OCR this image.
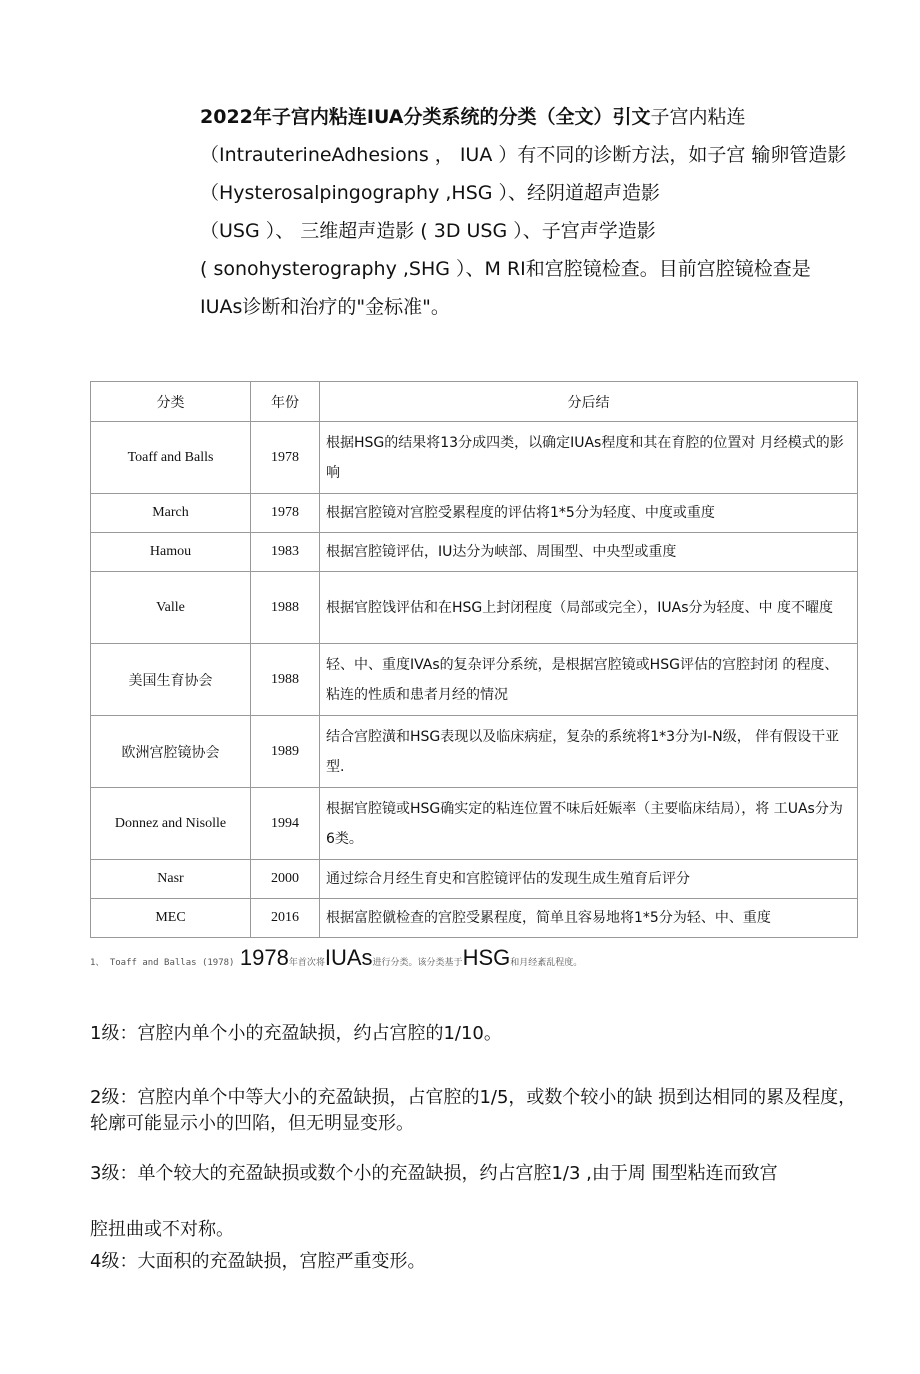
2022年子宫内粘连IUA分类系统的分类（全文）引文子宫内粘连
（IntrauterineAdhesions ， IUA ）有不同的诊断方法，如子宫 输卵管造影（Hysterosalpingography ,HSG ）、经阴道超声造影
（USG ）、 三维超声造影 ( 3D USG ）、子宫声学造影
( sonohysterography ,SHG ）、M RI和宫腔镜检查。目前宫腔镜检查是IUAs诊断和治疗的"金标准"。
分类	年份	分后结
Toaff and Balls	1978	根据HSG的结果将13分成四类，以确定IUAs程度和其在育腔的位置对 月经模式的影响
March	1978	根据宫腔镜对宫腔受累程度的评估将1*5分为轻度、中度或重度
Hamou	1983	根据宫腔镜评估，IU达分为峡部、周围型、中央型或重度
Valle	1988	根据官腔饯评估和在HSG上封闭程度（局部或完全），IUAs分为轻度、中 度不曜度
美国生育协会	1988	轻、中、重度IVAs的复杂评分系统，是根据宫腔镜或HSG评估的宫腔封闭 的程度、粘连的性质和患者月经的情况
欧洲宫腔镜协会	1989	结合宫腔潢和HSG表现以及临床病症，复杂的系统将1*3分为I-N级， 伴有假设干亚型.
Donnez and Nisolle	1994	根据官腔镜或HSG确实定的粘连位置不味后妊娠率（主要临床结局），将 工UAs分为6类。
Nasr	2000	通过综合月经生育史和宫腔镜评估的发现生成生殖育后评分
MEC	2016	根据富腔僦检查的宫腔受累程度，简单且容易地将1*5分为轻、中、重度
1、 Toaff and Ballas (1978) 1978年首次将IUAs进行分类。该分类基于HSG和月经紊乱程度。
1级：宫腔内单个小的充盈缺损，约占宫腔的1/10。
2级：宫腔内单个中等大小的充盈缺损，占官腔的1/5，或数个较小的缺 损到达相同的累及程度，轮廓可能显示小的凹陷，但无明显变形。
3级：单个较大的充盈缺损或数个小的充盈缺损，约占宫腔1/3 ,由于周 围型粘连而致宫
腔扭曲或不对称。
4级：大面积的充盈缺损，宫腔严重变形。
